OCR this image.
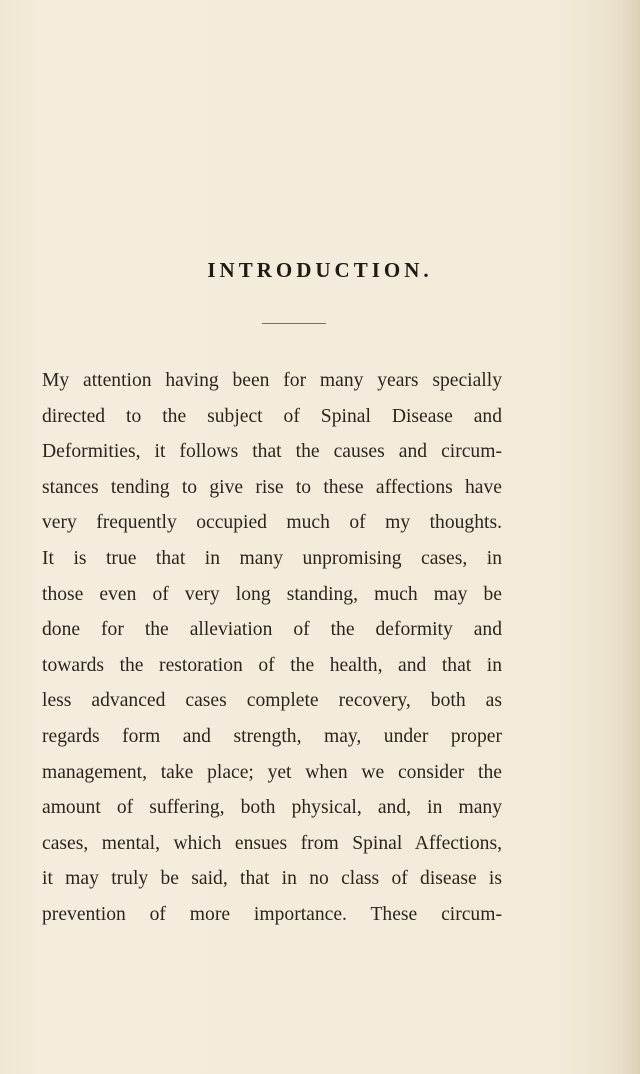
INTRODUCTION.
My attention having been for many years specially
directed to the subject of Spinal Disease and
Deformities, it follows that the causes and circum-
stances tending to give rise to these affections have
very frequently occupied much of my thoughts.
It is true that in many unpromising cases, in
those even of very long standing, much may be
done for the alleviation of the deformity and
towards the restoration of the health, and that in
less advanced cases complete recovery, both as
regards form and strength, may, under proper
management, take place; yet when we consider the
amount of suffering, both physical, and, in many
cases, mental, which ensues from Spinal Affections,
it may truly be said, that in no class of disease is
prevention of more importance. These circum-
